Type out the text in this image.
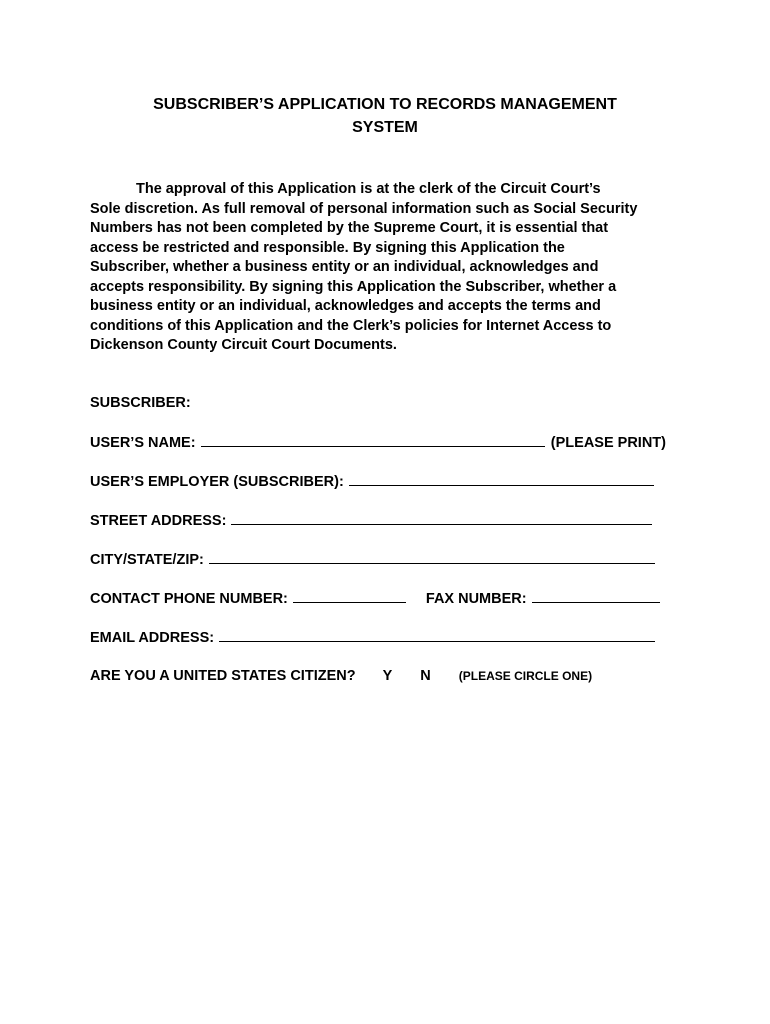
SUBSCRIBER’S APPLICATION TO RECORDS MANAGEMENT
SYSTEM
The approval of this Application is at the clerk of the Circuit Court’s
Sole discretion. As full removal of personal information such as Social Security
Numbers has not been completed by the Supreme Court, it is essential that
access be restricted and responsible. By signing this Application the
Subscriber, whether a business entity or an individual, acknowledges and
accepts responsibility. By signing this Application the Subscriber, whether a
business entity or an individual, acknowledges and accepts the terms and
conditions of this Application and the Clerk’s policies for Internet Access to
Dickenson County Circuit Court Documents.
SUBSCRIBER:
USER’S NAME:	(PLEASE PRINT)
USER’S EMPLOYER (SUBSCRIBER):
STREET ADDRESS:
CITY/STATE/ZIP:
CONTACT PHONE NUMBER:	FAX NUMBER:
EMAIL ADDRESS:
ARE YOU A UNITED STATES CITIZEN? Y N (PLEASE CIRCLE ONE)
